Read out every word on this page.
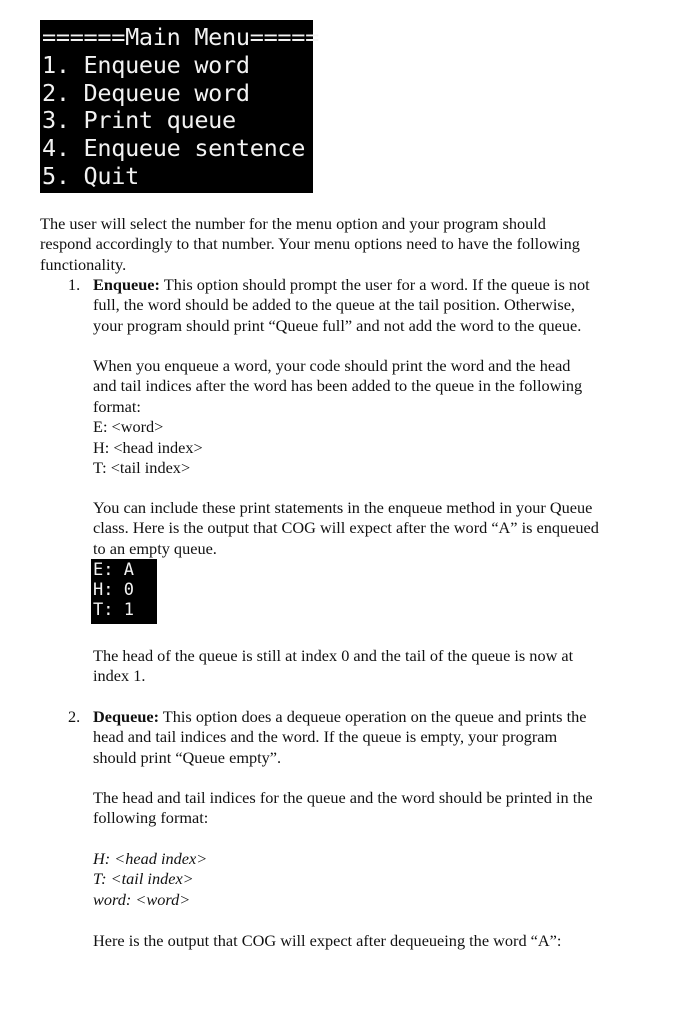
======Main Menu=====
1. Enqueue word
2. Dequeue word
3. Print queue
4. Enqueue sentence
5. Quit
The user will select the number for the menu option and your program should
respond accordingly to that number. Your menu options need to have the following
functionality.
1. Enqueue: This option should prompt the user for a word. If the queue is not
full, the word should be added to the queue at the tail position. Otherwise,
your program should print “Queue full” and not add the word to the queue.
When you enqueue a word, your code should print the word and the head
and tail indices after the word has been added to the queue in the following
format:
E: <word>
H: <head index>
T: <tail index>
You can include these print statements in the enqueue method in your Queue
class. Here is the output that COG will expect after the word “A” is enqueued
to an empty queue.
E: A
H: 0
T: 1
The head of the queue is still at index 0 and the tail of the queue is now at
index 1.
2. Dequeue: This option does a dequeue operation on the queue and prints the
head and tail indices and the word. If the queue is empty, your program
should print “Queue empty”.
The head and tail indices for the queue and the word should be printed in the
following format:
H: <head index>
T: <tail index>
word: <word>
Here is the output that COG will expect after dequeueing the word “A”:
